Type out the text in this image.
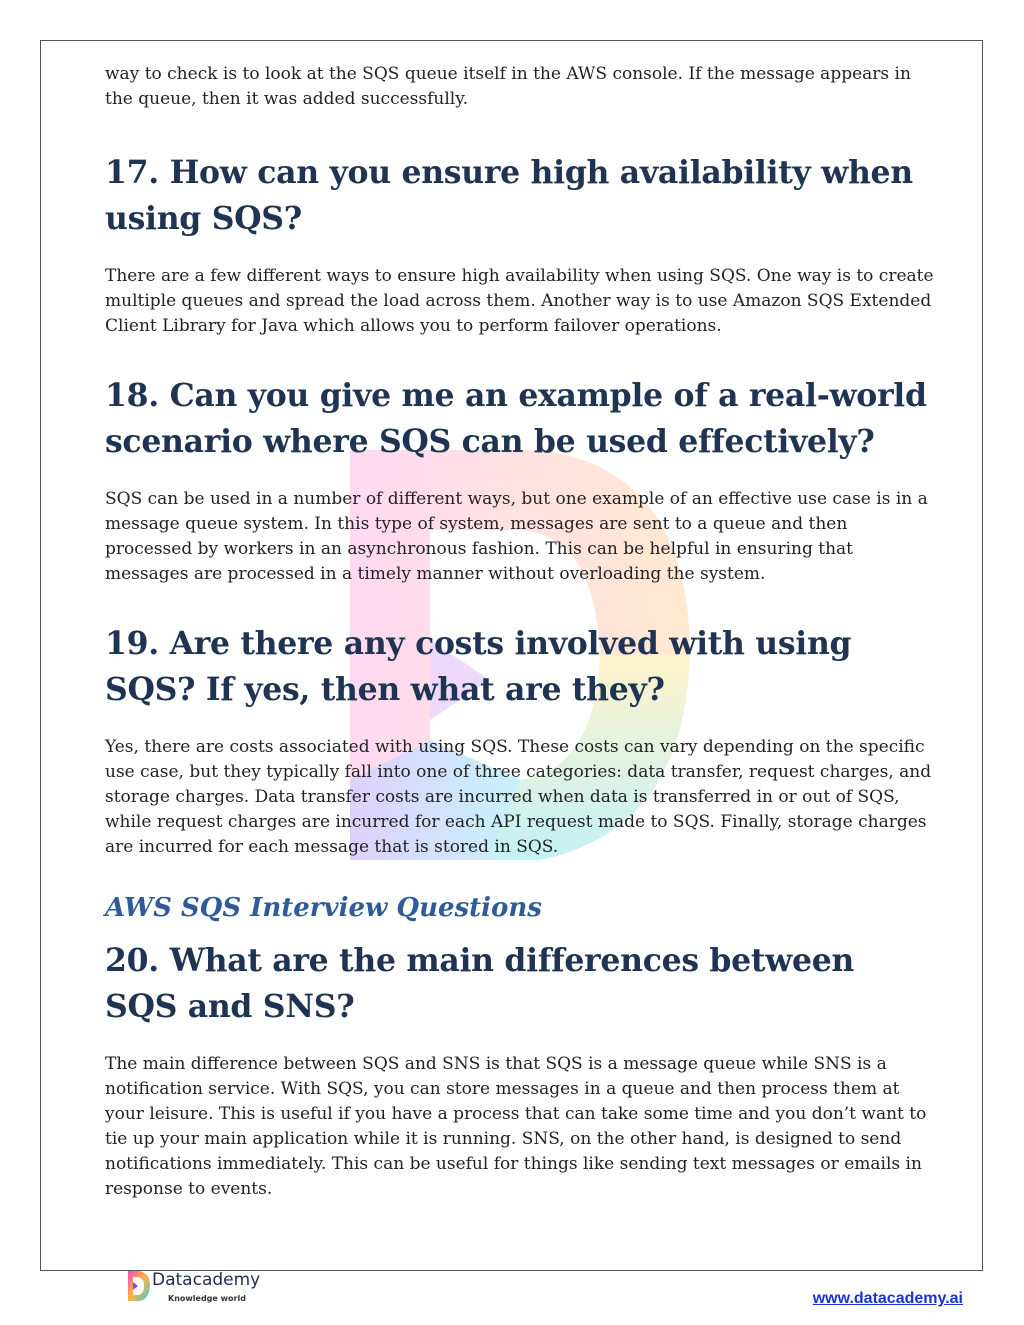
way to check is to look at the SQS queue itself in the AWS console. If the message appears in the queue, then it was added successfully.

17. How can you ensure high availability when using SQS?

There are a few different ways to ensure high availability when using SQS. One way is to create multiple queues and spread the load across them. Another way is to use Amazon SQS Extended Client Library for Java which allows you to perform failover operations.

18. Can you give me an example of a real-world scenario where SQS can be used effectively?

SQS can be used in a number of different ways, but one example of an effective use case is in a message queue system. In this type of system, messages are sent to a queue and then processed by workers in an asynchronous fashion. This can be helpful in ensuring that messages are processed in a timely manner without overloading the system.

19. Are there any costs involved with using SQS? If yes, then what are they?

Yes, there are costs associated with using SQS. These costs can vary depending on the specific use case, but they typically fall into one of three categories: data transfer, request charges, and storage charges. Data transfer costs are incurred when data is transferred in or out of SQS, while request charges are incurred for each API request made to SQS. Finally, storage charges are incurred for each message that is stored in SQS.

AWS SQS Interview Questions
20. What are the main differences between SQS and SNS?

The main difference between SQS and SNS is that SQS is a message queue while SNS is a notification service. With SQS, you can store messages in a queue and then process them at your leisure. This is useful if you have a process that can take some time and you don’t want to tie up your main application while it is running. SNS, on the other hand, is designed to send notifications immediately. This can be useful for things like sending text messages or emails in response to events.

Datacademy
Knowledge world	www.datacademy.ai
